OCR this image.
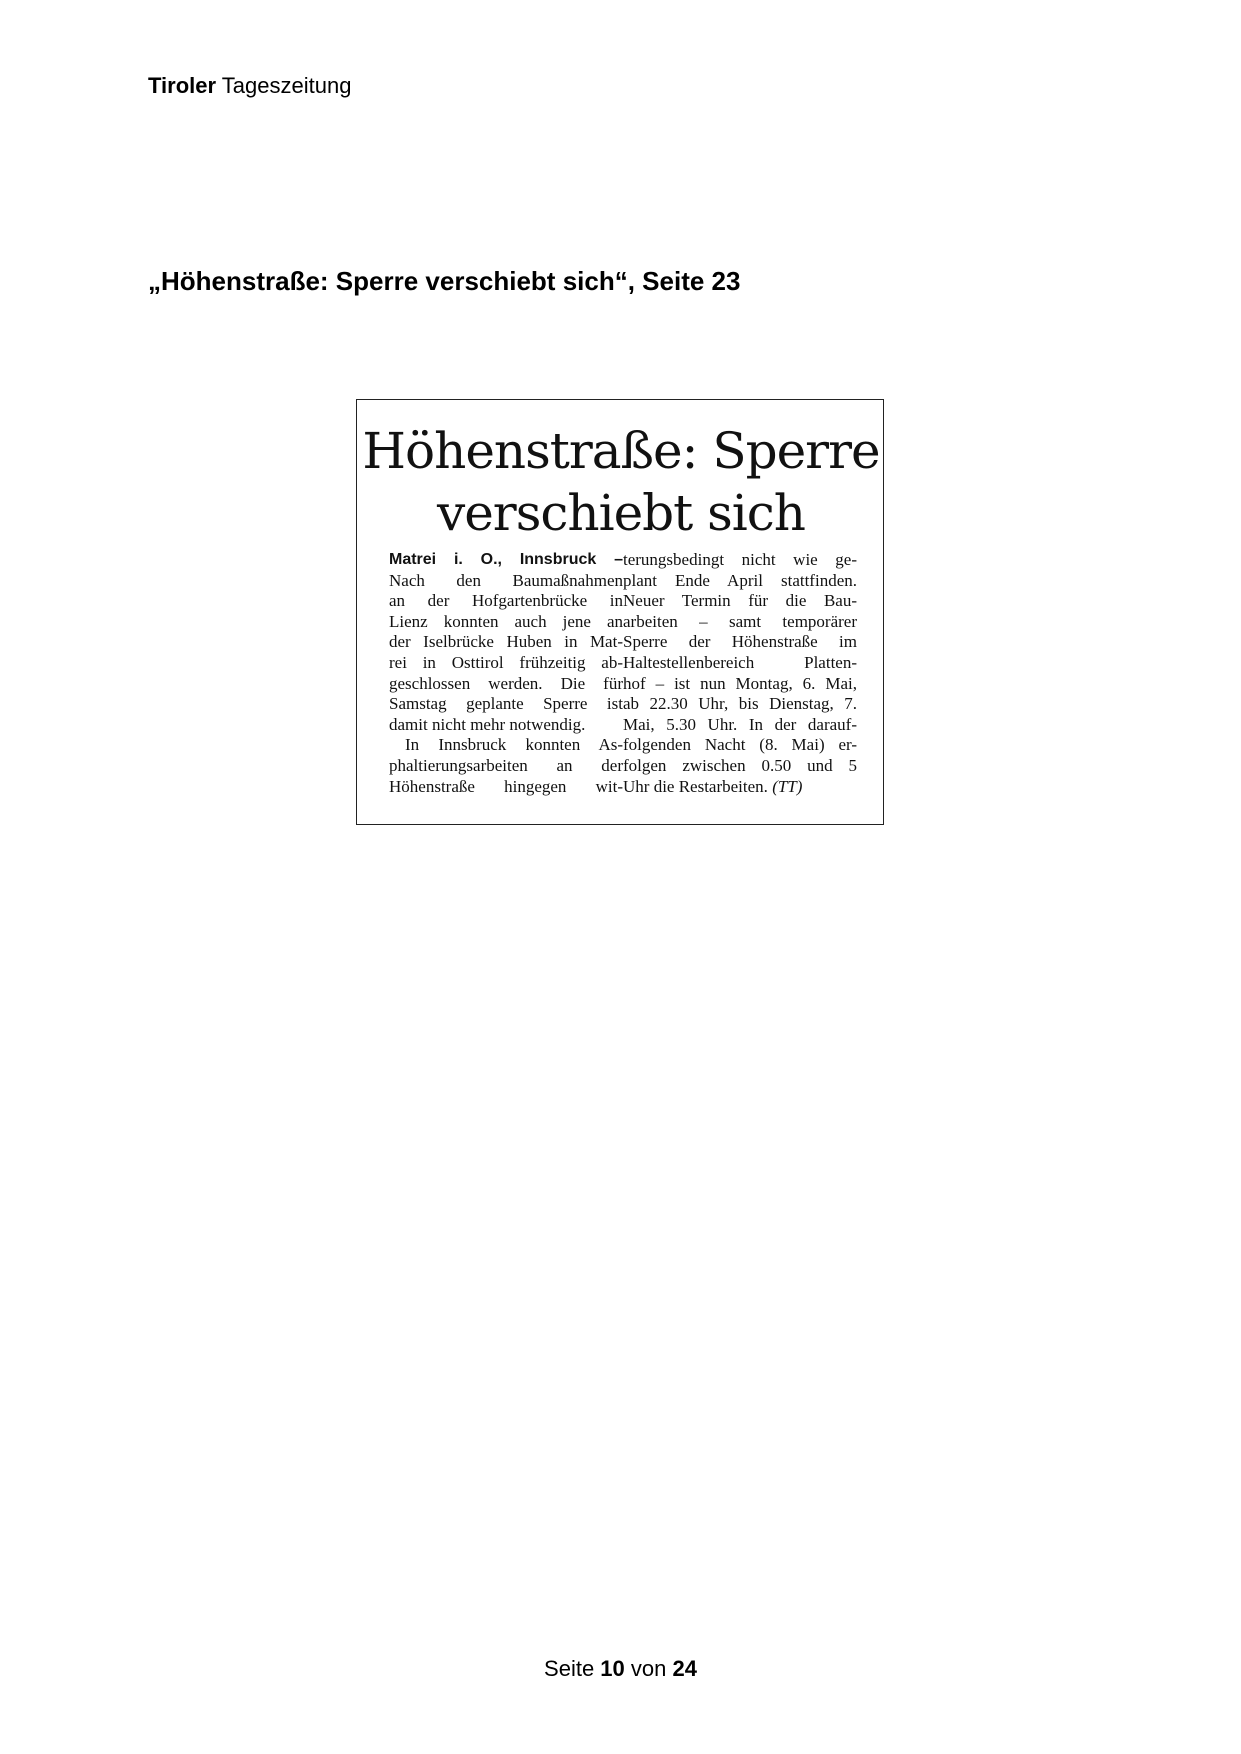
Tiroler Tageszeitung
„Höhenstraße: Sperre verschiebt sich“, Seite 23
Höhenstraße: Sperre
verschiebt sich
Matrei i. O., Innsbruck –
Nach den Baumaßnahmen
an der Hofgartenbrücke in
Lienz konnten auch jene an
der Iselbrücke Huben in Mat-
rei in Osttirol frühzeitig ab-
geschlossen werden. Die für
Samstag geplante Sperre ist
damit nicht mehr notwendig.
In Innsbruck konnten As-
phaltierungsarbeiten an der
Höhenstraße hingegen wit-
terungsbedingt nicht wie ge-
plant Ende April stattfinden.
Neuer Termin für die Bau-
arbeiten – samt temporärer
Sperre der Höhenstraße im
Haltestellenbereich Platten-
hof – ist nun Montag, 6. Mai,
ab 22.30 Uhr, bis Dienstag, 7.
Mai, 5.30 Uhr. In der darauf-
folgenden Nacht (8. Mai) er-
folgen zwischen 0.50 und 5
Uhr die Restarbeiten. (TT)
Seite 10 von 24
